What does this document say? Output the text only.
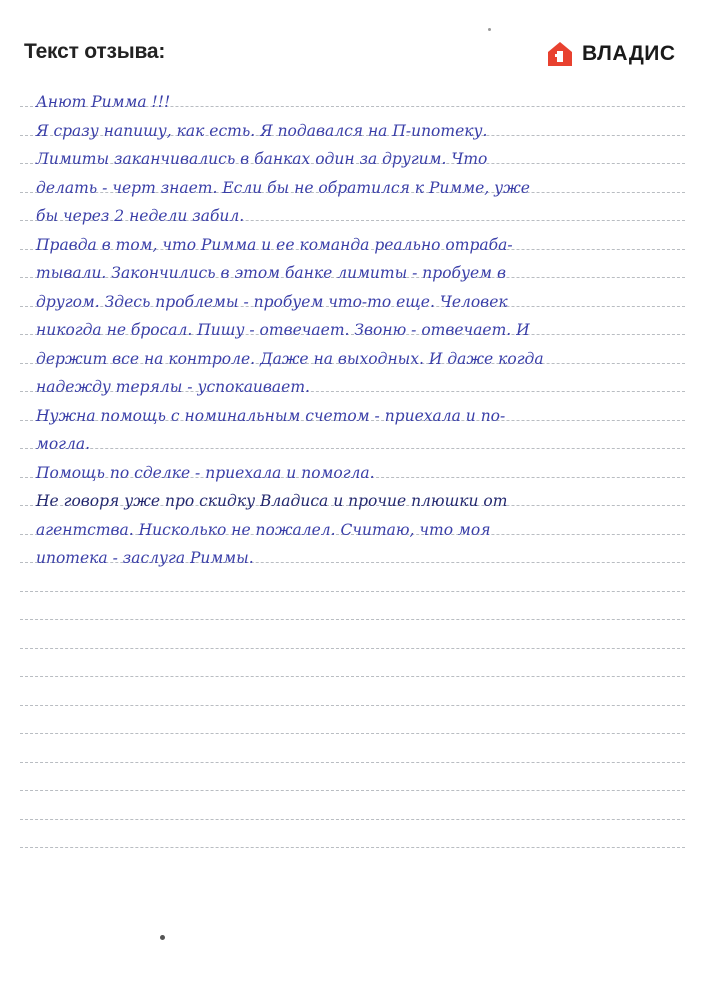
Текст отзыва:	ВЛАДИС
Анют Римма !!!
Я сразу напишу, как есть. Я подавался на П-ипотеку.
Лимиты заканчивались в банках один за другим. Что
делать - черт знает. Если бы не обратился к Римме, уже
бы через 2 недели забил.
Правда в том, что Римма и ее команда реально отраба-
тывали. Закончились в этом банке лимиты - пробуем в
другом. Здесь проблемы - пробуем что-то еще. Человек
никогда не бросал. Пишу - отвечает. Звоню - отвечает. И
держит все на контроле. Даже на выходных. И даже когда
надежду терялы - успокаивает.
Нужна помощь с номинальным счетом - приехала и по-
могла.
Помощь по сделке - приехала и помогла.
Не говоря уже про скидку Владиса и прочие плюшки от
агентства. Нисколько не пожалел. Считаю, что моя
ипотека - заслуга Риммы.
